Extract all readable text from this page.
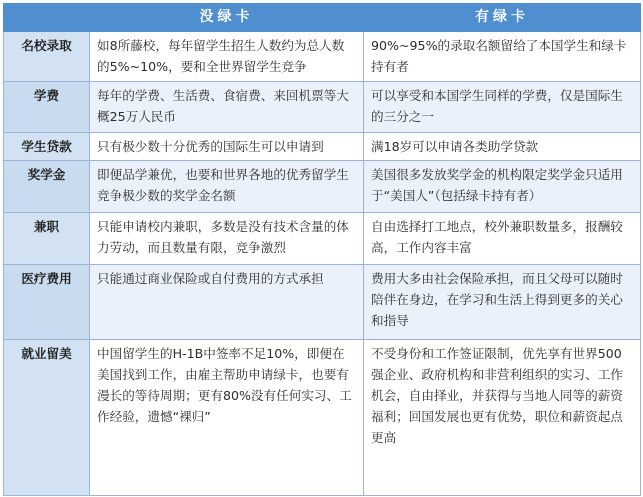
	没绿卡	有绿卡
名校录取	如8所藤校，每年留学生招生人数约为总人数的5%~10%，要和全世界留学生竞争	90%~95%的录取名额留给了本国学生和绿卡持有者
学费	每年的学费、生活费、食宿费、来回机票等大概25万人民币	可以享受和本国学生同样的学费，仅是国际生的三分之一
学生贷款	只有极少数十分优秀的国际生可以申请到	满18岁可以申请各类助学贷款
奖学金	即便品学兼优，也要和世界各地的优秀留学生竞争极少数的奖学金名额	美国很多发放奖学金的机构限定奖学金只适用于“美国人”（包括绿卡持有者）
兼职	只能申请校内兼职，多数是没有技术含量的体力劳动，而且数量有限，竞争激烈	自由选择打工地点，校外兼职数量多，报酬较高，工作内容丰富
医疗费用	只能通过商业保险或自付费用的方式承担	费用大多由社会保险承担，而且父母可以随时陪伴在身边，在学习和生活上得到更多的关心和指导
就业留美	中国留学生的H-1B中签率不足10%，即便在美国找到工作，由雇主帮助申请绿卡，也要有漫长的等待周期；更有80%没有任何实习、工作经验，遗憾“裸归”	不受身份和工作签证限制，优先享有世界500强企业、政府机构和非营利组织的实习、工作机会，自由择业，并获得与当地人同等的薪资福利；回国发展也更有优势，职位和薪资起点更高
